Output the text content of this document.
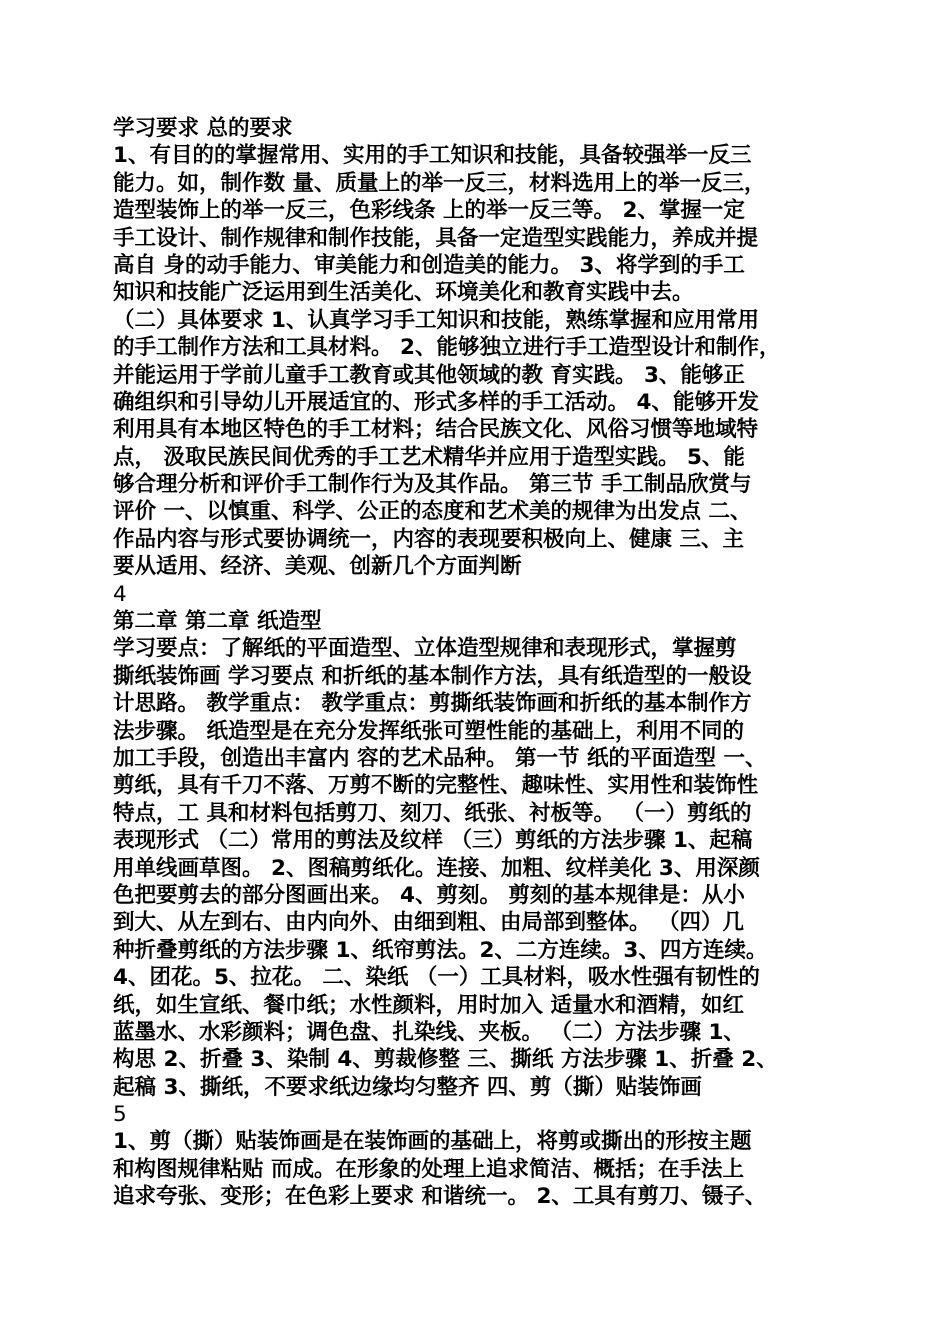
学习要求 总的要求
1、有目的的掌握常用、实用的手工知识和技能，具备较强举一反三
能力。如，制作数 量、质量上的举一反三，材料选用上的举一反三，
造型装饰上的举一反三，色彩线条 上的举一反三等。 2、掌握一定
手工设计、制作规律和制作技能，具备一定造型实践能力，养成并提
高自 身的动手能力、审美能力和创造美的能力。 3、将学到的手工
知识和技能广泛运用到生活美化、环境美化和教育实践中去。
（二）具体要求 1、认真学习手工知识和技能，熟练掌握和应用常用
的手工制作方法和工具材料。 2、能够独立进行手工造型设计和制作，
并能运用于学前儿童手工教育或其他领域的教 育实践。 3、能够正
确组织和引导幼儿开展适宜的、形式多样的手工活动。 4、能够开发
利用具有本地区特色的手工材料；结合民族文化、风俗习惯等地域特
点， 汲取民族民间优秀的手工艺术精华并应用于造型实践。 5、能
够合理分析和评价手工制作行为及其作品。 第三节 手工制品欣赏与
评价 一、以慎重、科学、公正的态度和艺术美的规律为出发点 二、
作品内容与形式要协调统一，内容的表现要积极向上、健康 三、主
要从适用、经济、美观、创新几个方面判断
4
第二章 第二章 纸造型
学习要点：了解纸的平面造型、立体造型规律和表现形式，掌握剪
撕纸装饰画 学习要点 和折纸的基本制作方法，具有纸造型的一般设
计思路。 教学重点： 教学重点：剪撕纸装饰画和折纸的基本制作方
法步骤。 纸造型是在充分发挥纸张可塑性能的基础上，利用不同的
加工手段，创造出丰富内 容的艺术品种。 第一节 纸的平面造型 一、
剪纸，具有千刀不落、万剪不断的完整性、趣味性、实用性和装饰性
特点，工 具和材料包括剪刀、刻刀、纸张、衬板等。 （一）剪纸的
表现形式 （二）常用的剪法及纹样 （三）剪纸的方法步骤 1、起稿
用单线画草图。 2、图稿剪纸化。连接、加粗、纹样美化 3、用深颜
色把要剪去的部分图画出来。 4、剪刻。 剪刻的基本规律是：从小
到大、从左到右、由内向外、由细到粗、由局部到整体。 （四）几
种折叠剪纸的方法步骤 1、纸帘剪法。2、二方连续。3、四方连续。
4、团花。5、拉花。 二、染纸 （一）工具材料，吸水性强有韧性的
纸，如生宣纸、餐巾纸；水性颜料，用时加入 适量水和酒精，如红
蓝墨水、水彩颜料；调色盘、扎染线、夹板。 （二）方法步骤 1、
构思 2、折叠 3、染制 4、剪裁修整 三、撕纸 方法步骤 1、折叠 2、
起稿 3、撕纸，不要求纸边缘均匀整齐 四、剪（撕）贴装饰画
5
1、剪（撕）贴装饰画是在装饰画的基础上，将剪或撕出的形按主题
和构图规律粘贴 而成。在形象的处理上追求简洁、概括；在手法上
追求夸张、变形；在色彩上要求 和谐统一。 2、工具有剪刀、镊子、
